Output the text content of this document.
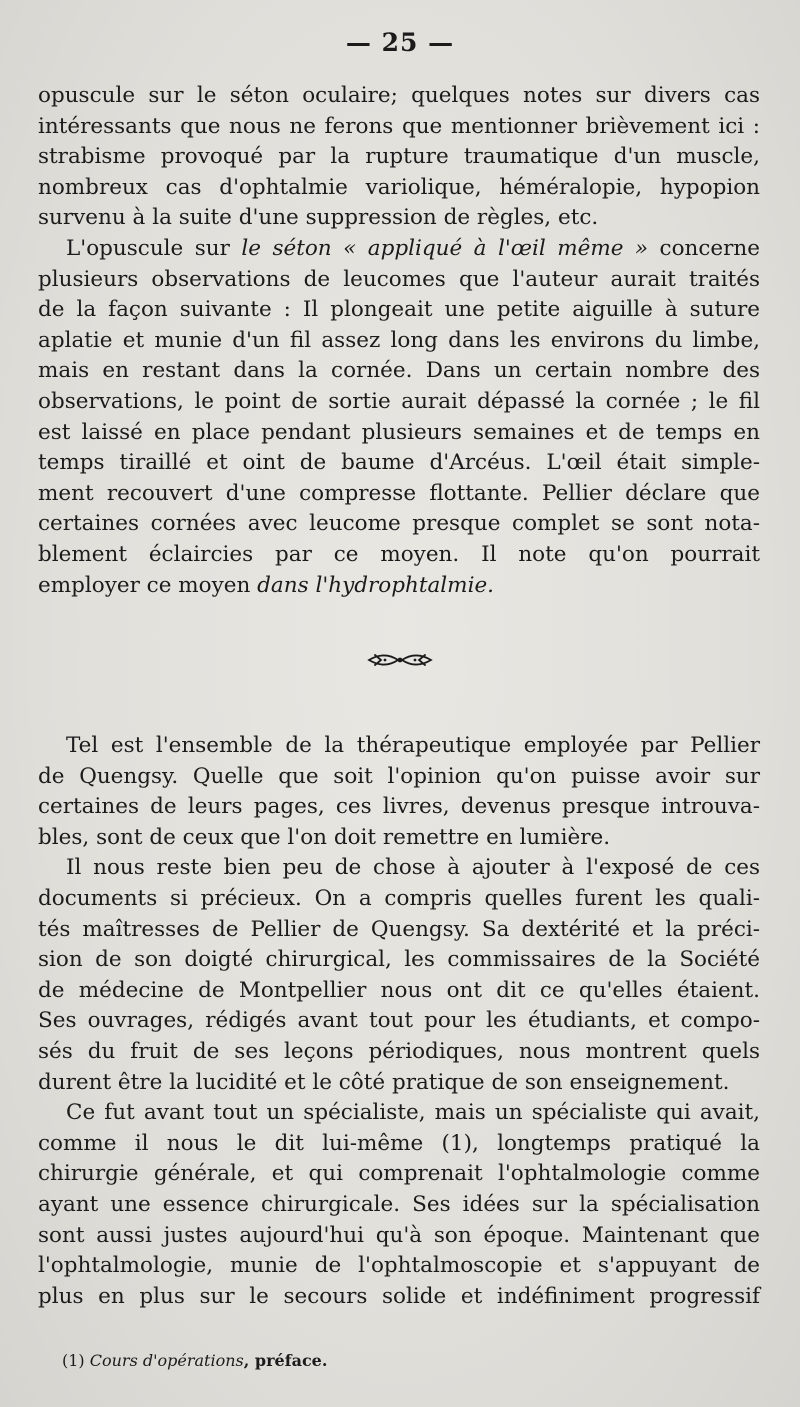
— 25 —

opuscule sur le séton oculaire; quelques notes sur divers cas

intéressants que nous ne ferons que mentionner brièvement ici :

strabisme provoqué par la rupture traumatique d'un muscle,

nombreux cas d'ophtalmie variolique, héméralopie, hypopion

survenu à la suite d'une suppression de règles, etc.

L'opuscule sur le séton « appliqué à l'œil même » concerne

plusieurs observations de leucomes que l'auteur aurait traités

de la façon suivante : Il plongeait une petite aiguille à suture

aplatie et munie d'un fil assez long dans les environs du limbe,

mais en restant dans la cornée. Dans un certain nombre des

observations, le point de sortie aurait dépassé la cornée ; le fil

est laissé en place pendant plusieurs semaines et de temps en

temps tiraillé et oint de baume d'Arcéus. L'œil était simple-

ment recouvert d'une compresse flottante. Pellier déclare que

certaines cornées avec leucome presque complet se sont nota-

blement éclaircies par ce moyen. Il note qu'on pourrait

employer ce moyen dans l'hydrophtalmie.

Tel est l'ensemble de la thérapeutique employée par Pellier

de Quengsy. Quelle que soit l'opinion qu'on puisse avoir sur

certaines de leurs pages, ces livres, devenus presque introuva-

bles, sont de ceux que l'on doit remettre en lumière.

Il nous reste bien peu de chose à ajouter à l'exposé de ces

documents si précieux. On a compris quelles furent les quali-

tés maîtresses de Pellier de Quengsy. Sa dextérité et la préci-

sion de son doigté chirurgical, les commissaires de la Société

de médecine de Montpellier nous ont dit ce qu'elles étaient.

Ses ouvrages, rédigés avant tout pour les étudiants, et compo-

sés du fruit de ses leçons périodiques, nous montrent quels

durent être la lucidité et le côté pratique de son enseignement.

Ce fut avant tout un spécialiste, mais un spécialiste qui avait,

comme il nous le dit lui-même (1), longtemps pratiqué la

chirurgie générale, et qui comprenait l'ophtalmologie comme

ayant une essence chirurgicale. Ses idées sur la spécialisation

sont aussi justes aujourd'hui qu'à son époque. Maintenant que

l'ophtalmologie, munie de l'ophtalmoscopie et s'appuyant de

plus en plus sur le secours solide et indéfiniment progressif

(1) Cours d'opérations, préface.
